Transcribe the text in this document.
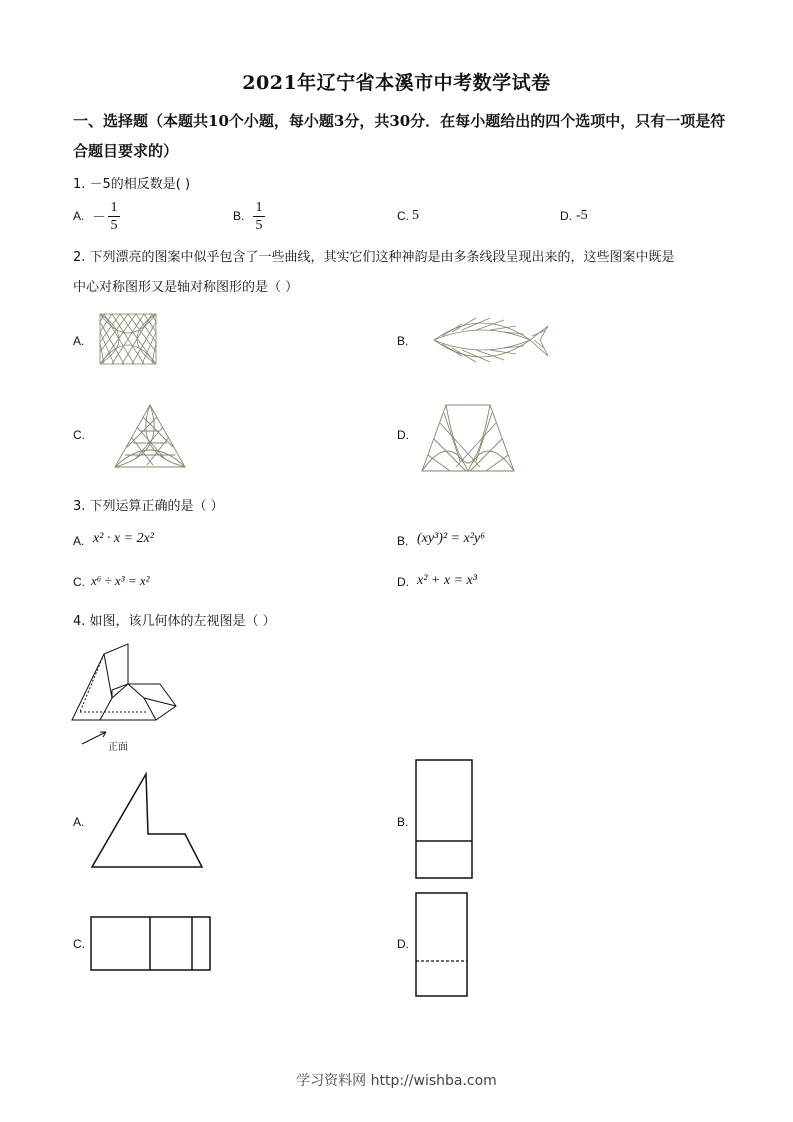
2021年辽宁省本溪市中考数学试卷
一、选择题（本题共10个小题，每小题3分，共30分．在每小题给出的四个选项中，只有一项是符合题目要求的）
1. －5的相反数是( )
A. － $\frac{1}{5}$	B. $\frac{1}{5}$	C. 5	D. -5
2. 下列漂亮的图案中似乎包含了一些曲线，其实它们这种神韵是由多条线段呈现出来的，这些图案中既是
中心对称图形又是轴对称图形的是（ ）
A.	B.
C.	D.
3. 下列运算正确的是（ ）
A. x² · x = 2x²	B. (xy³)² = x²y⁶
C. x⁶ ÷ x³ = x²	D. x² + x = x³
4. 如图，该几何体的左视图是（ ）
正面
A.	B.
C.	D.
学习资料网 http://wishba.com
